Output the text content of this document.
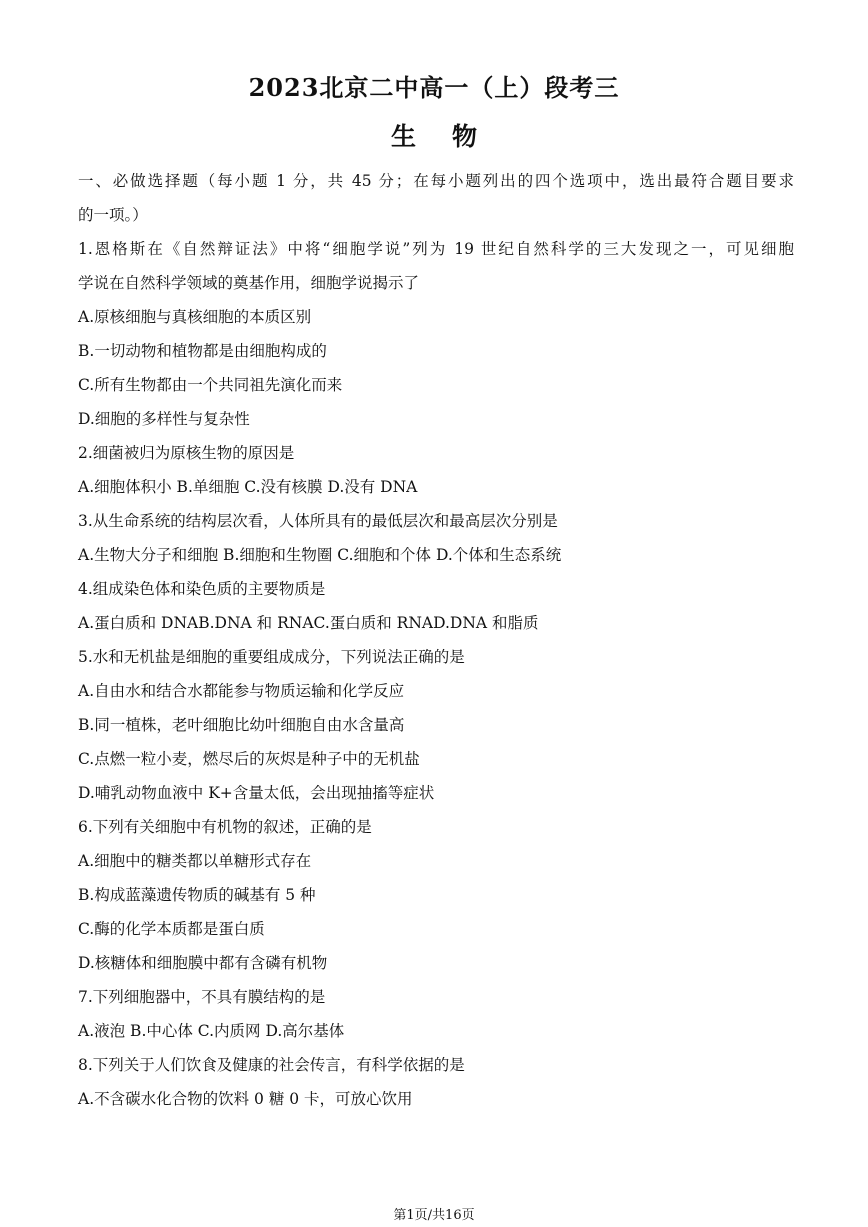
2023北京二中高一（上）段考三
生物
一、必做选择题（每小题 1 分，共 45 分；在每小题列出的四个选项中，选出最符合题目要求
的一项。）
1.恩格斯在《自然辩证法》中将“细胞学说”列为 19 世纪自然科学的三大发现之一，可见细胞
学说在自然科学领域的奠基作用，细胞学说揭示了
A.原核细胞与真核细胞的本质区别
B.一切动物和植物都是由细胞构成的
C.所有生物都由一个共同祖先演化而来
D.细胞的多样性与复杂性
2.细菌被归为原核生物的原因是
A.细胞体积小 B.单细胞 C.没有核膜 D.没有 DNA
3.从生命系统的结构层次看，人体所具有的最低层次和最高层次分别是
A.生物大分子和细胞 B.细胞和生物圈 C.细胞和个体 D.个体和生态系统
4.组成染色体和染色质的主要物质是
A.蛋白质和 DNAB.DNA 和 RNAC.蛋白质和 RNAD.DNA 和脂质
5.水和无机盐是细胞的重要组成成分，下列说法正确的是
A.自由水和结合水都能参与物质运输和化学反应
B.同一植株，老叶细胞比幼叶细胞自由水含量高
C.点燃一粒小麦，燃尽后的灰烬是种子中的无机盐
D.哺乳动物血液中 K+含量太低，会出现抽搐等症状
6.下列有关细胞中有机物的叙述，正确的是
A.细胞中的糖类都以单糖形式存在
B.构成蓝藻遗传物质的碱基有 5 种
C.酶的化学本质都是蛋白质
D.核糖体和细胞膜中都有含磷有机物
7.下列细胞器中，不具有膜结构的是
A.液泡 B.中心体 C.内质网 D.高尔基体
8.下列关于人们饮食及健康的社会传言，有科学依据的是
A.不含碳水化合物的饮料 0 糖 0 卡，可放心饮用
第1页/共16页
